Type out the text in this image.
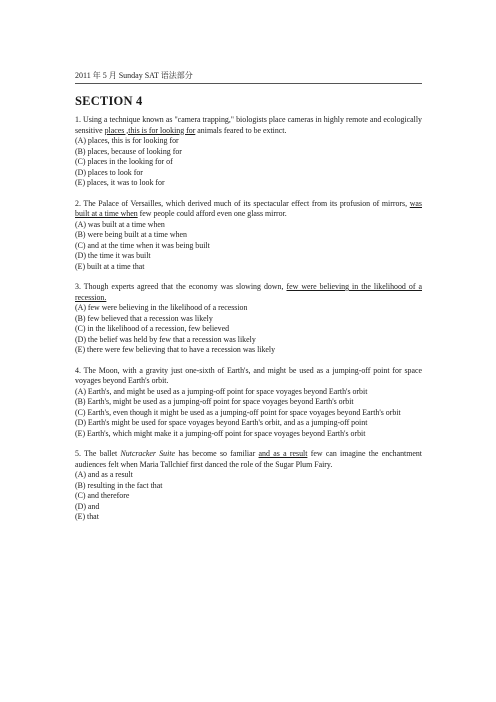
2011 年 5 月 Sunday SAT 语法部分
SECTION 4
1. Using a technique known as "camera trapping," biologists place cameras in highly remote and ecologically sensitive places ,this is for looking for animals feared to be extinct.
(A) places, this is for looking for
(B) places, because of looking for
(C) places in the looking for of
(D) places to look for
(E) places, it was to look for
2. The Palace of Versailles, which derived much of its spectacular effect from its profusion of mirrors, was built at a time when few people could afford even one glass mirror.
(A) was built at a time when
(B) were being built at a time when
(C) and at the time when it was being built
(D) the time it was built
(E) built at a time that
3. Though experts agreed that the economy was slowing down, few were believing in the likelihood of a recession.
(A) few were believing in the likelihood of a recession
(B) few believed that a recession was likely
(C) in the likelihood of a recession, few believed
(D) the belief was held by few that a recession was likely
(E) there were few believing that to have a recession was likely
4. The Moon, with a gravity just one-sixth of Earth's, and might be used as a jumping-off point for space voyages beyond Earth's orbit.
(A) Earth's, and might be used as a jumping-off point for space voyages beyond Earth's orbit
(B) Earth's, might be used as a jumping-off point for space voyages beyond Earth's orbit
(C) Earth's, even though it might be used as a jumping-off point for space voyages beyond Earth's orbit
(D) Earth's might be used for space voyages beyond Earth's orbit, and as a jumping-off point
(E) Earth's, which might make it a jumping-off point for space voyages beyond Earth's orbit
5. The ballet Nutcracker Suite has become so familiar and as a result few can imagine the enchantment audiences felt when Maria Tallchief first danced the role of the Sugar Plum Fairy.
(A) and as a result
(B) resulting in the fact that
(C) and therefore
(D) and
(E) that
